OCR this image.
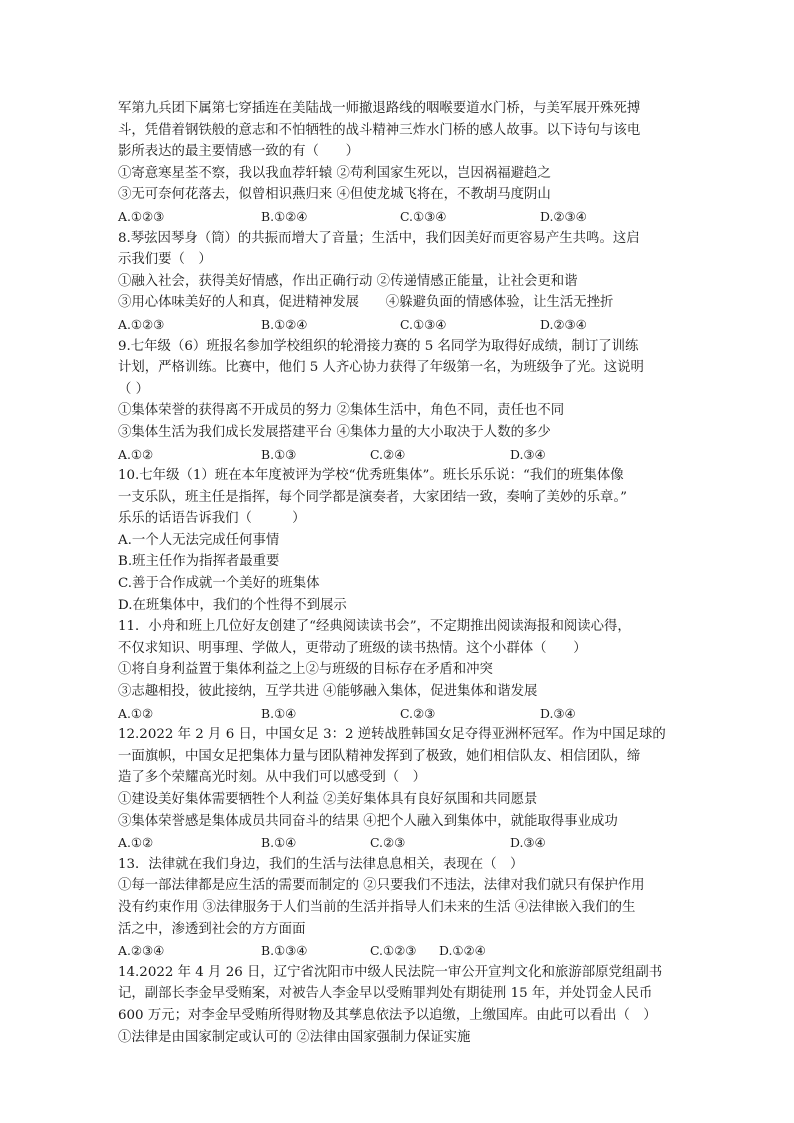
军第九兵团下属第七穿插连在美陆战一师撤退路线的咽喉要道水门桥，与美军展开殊死搏
斗，凭借着钢铁般的意志和不怕牺牲的战斗精神三炸水门桥的感人故事。以下诗句与该电
影所表达的最主要情感一致的有（　　）
①寄意寒星荃不察，我以我血荐轩辕 ②苟利国家生死以，岂因祸福避趋之
③无可奈何花落去，似曾相识燕归来 ④但使龙城飞将在，不教胡马度阴山
A.①②③	B.①②④	C.①③④	D.②③④
8.琴弦因琴身（筒）的共振而增大了音量；生活中，我们因美好而更容易产生共鸣。这启
示我们要（　）
①融入社会，获得美好情感，作出正确行动 ②传递情感正能量，让社会更和谐
③用心体味美好的人和真，促进精神发展　　④躲避负面的情感体验，让生活无挫折
A.①②③	B.①②④	C.①③④	D.②③④
9.七年级（6）班报名参加学校组织的轮滑接力赛的 5 名同学为取得好成绩，制订了训练
计划，严格训练。比赛中，他们 5 人齐心协力获得了年级第一名，为班级争了光。这说明
（ ）
①集体荣誉的获得离不开成员的努力 ②集体生活中，角色不同，责任也不同
③集体生活为我们成长发展搭建平台 ④集体力量的大小取决于人数的多少
A.①②	B.①③	C.②④	D.③④
10.七年级（1）班在本年度被评为学校“优秀班集体”。班长乐乐说：“我们的班集体像
一支乐队，班主任是指挥，每个同学都是演奏者，大家团结一致，奏响了美妙的乐章。”
乐乐的话语告诉我们（　　　）
A.一个人无法完成任何事情
B.班主任作为指挥者最重要
C.善于合作成就一个美好的班集体
D.在班集体中，我们的个性得不到展示
11．小舟和班上几位好友创建了“经典阅读读书会”，不定期推出阅读海报和阅读心得，
不仅求知识、明事理、学做人，更带动了班级的读书热情。这个小群体（　　）
①将自身利益置于集体利益之上②与班级的目标存在矛盾和冲突
③志趣相投，彼此接纳，互学共进 ④能够融入集体，促进集体和谐发展
A.①②	B.①④	C.②③	D.③④
12.2022 年 2 月 6 日，中国女足 3：2 逆转战胜韩国女足夺得亚洲杯冠军。作为中国足球的
一面旗帜，中国女足把集体力量与团队精神发挥到了极致，她们相信队友、相信团队，缔
造了多个荣耀高光时刻。从中我们可以感受到（　）
①建设美好集体需要牺牲个人利益 ②美好集体具有良好氛围和共同愿景
③集体荣誉感是集体成员共同奋斗的结果 ④把个人融入到集体中，就能取得事业成功
A.①②	B.①④	C.②③	D.③④
13．法律就在我们身边，我们的生活与法律息息相关，表现在（　）
①每一部法律都是应生活的需要而制定的 ②只要我们不违法，法律对我们就只有保护作用
没有约束作用 ③法律服务于人们当前的生活并指导人们未来的生活 ④法律嵌入我们的生
活之中，渗透到社会的方方面面
A.②③④	B.①③④	C.①②③ D.①②④
14.2022 年 4 月 26 日，辽宁省沈阳市中级人民法院一审公开宣判文化和旅游部原党组副书
记，副部长李金早受贿案，对被告人李金早以受贿罪判处有期徒刑 15 年，并处罚金人民币
600 万元；对李金早受贿所得财物及其孳息依法予以追缴，上缴国库。由此可以看出（　）
①法律是由国家制定或认可的 ②法律由国家强制力保证实施
